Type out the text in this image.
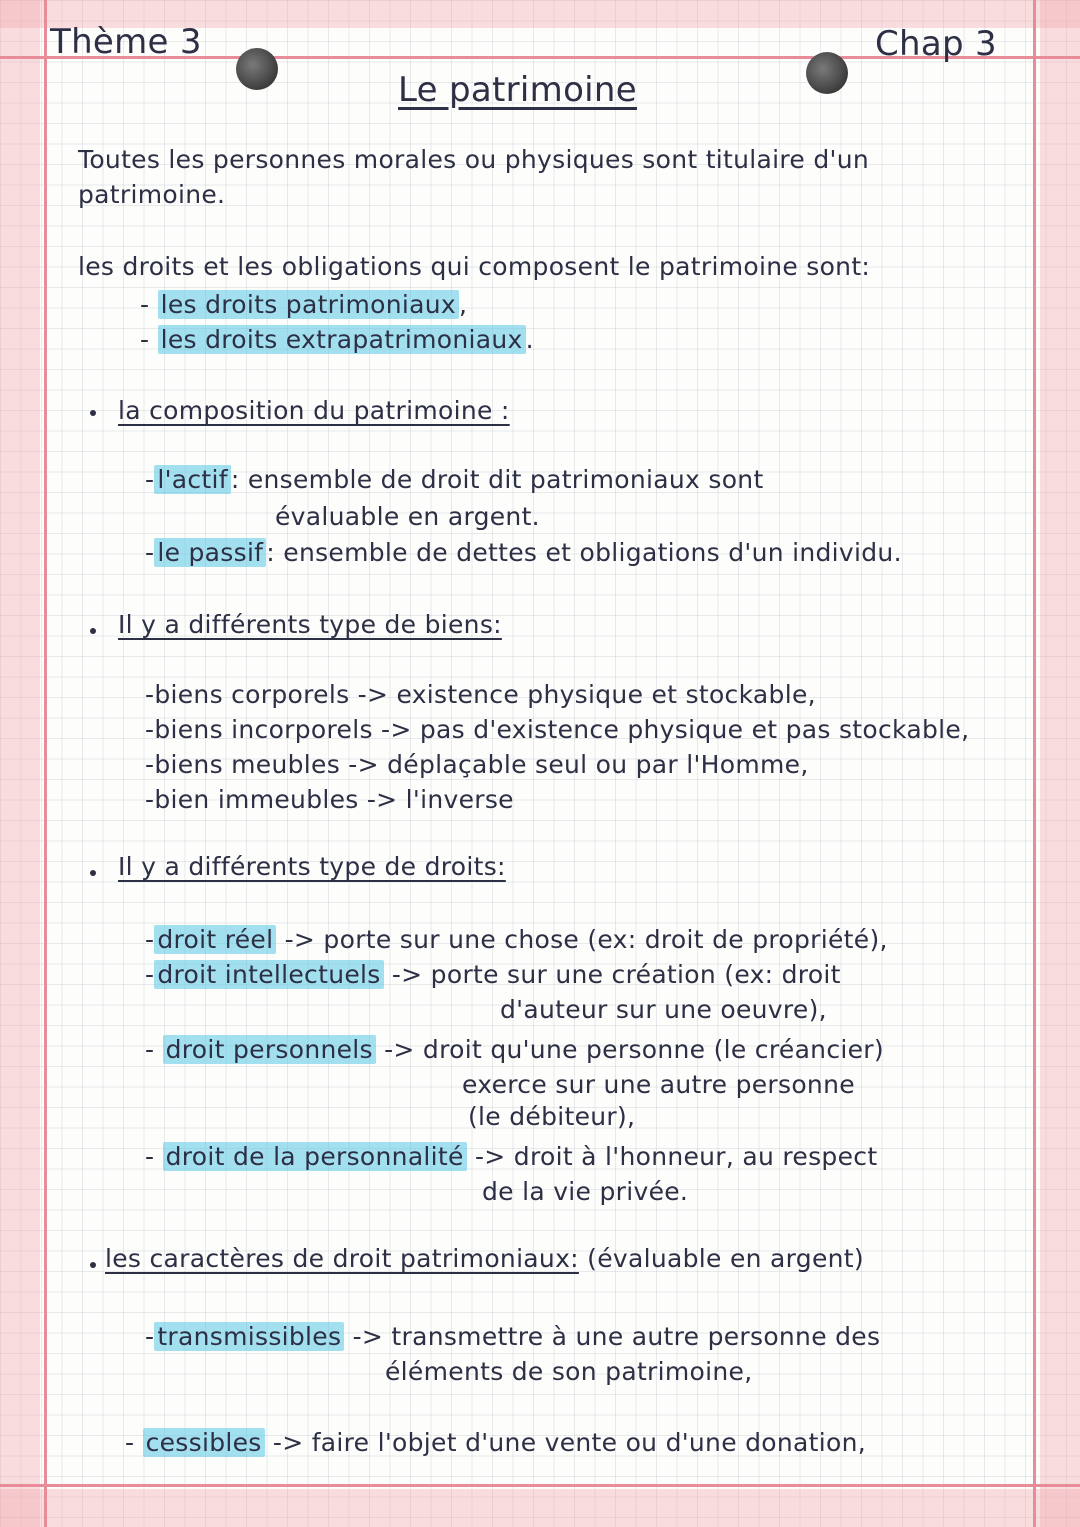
Thème 3	Chap 3
Le patrimoine
Toutes les personnes morales ou physiques sont titulaire d'un
patrimoine.
les droits et les obligations qui composent le patrimoine sont:
- les droits patrimoniaux ,
- les droits extrapatrimoniaux .
la composition du patrimoine :
- l'actif : ensemble de droit dit patrimoniaux sont
évaluable en argent.
- le passif : ensemble de dettes et obligations d'un individu.
Il y a différents type de biens:
-biens corporels -> existence physique et stockable,
-biens incorporels -> pas d'existence physique et pas stockable,
-biens meubles -> déplaçable seul ou par l'Homme,
-bien immeubles -> l'inverse
Il y a différents type de droits:
- droit réel -> porte sur une chose (ex: droit de propriété),
- droit intellectuels -> porte sur une création (ex: droit
d'auteur sur une oeuvre),
- droit personnels -> droit qu'une personne (le créancier)
exerce sur une autre personne
(le débiteur),
- droit de la personnalité -> droit à l'honneur, au respect
de la vie privée.
les caractères de droit patrimoniaux: (évaluable en argent)
- transmissibles -> transmettre à une autre personne des
éléments de son patrimoine,
- cessibles -> faire l'objet d'une vente ou d'une donation,
